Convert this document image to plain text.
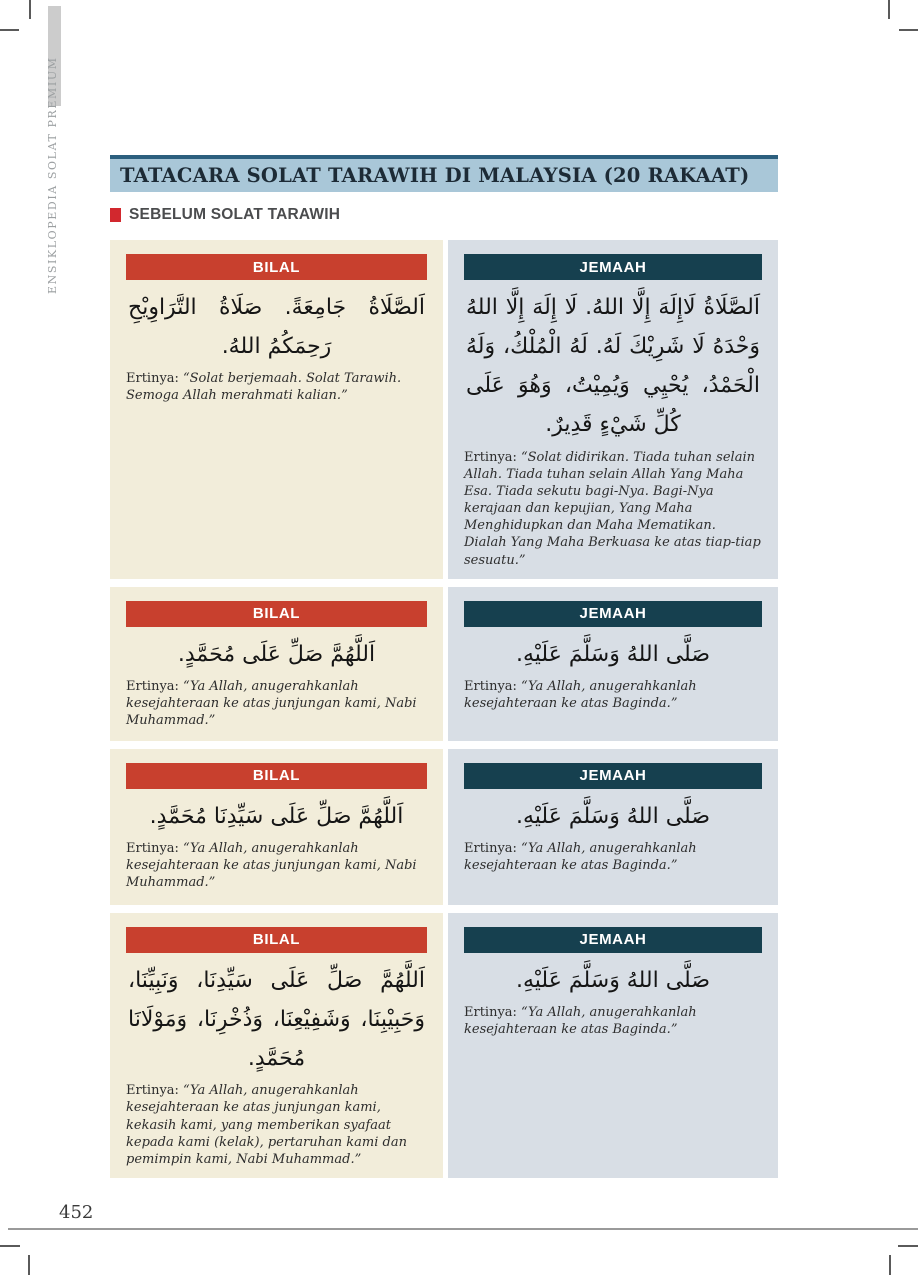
ENSIKLOPEDIA SOLAT PREMIUM	TATACARA SOLAT TARAWIH DI MALAYSIA (20 RAKAAT)
SEBELUM SOLAT TARAWIH
BILAL

اَلصَّلَاةُ جَامِعَةً. صَلَاةُ التَّرَاوِيْحِ رَحِمَكُمُ اللهُ.

Ertinya: “Solat berjemaah. Solat Tarawih. Semoga Allah merahmati kalian.”

JEMAAH

اَلصَّلَاةُ لَاإِلَهَ إِلَّا اللهُ. لَا إِلَهَ إِلَّا اللهُ وَحْدَهُ لَا شَرِيْكَ لَهُ. لَهُ الْمُلْكُ، وَلَهُ الْحَمْدُ، يُحْيِي وَيُمِيْتُ، وَهُوَ عَلَى كُلِّ شَيْءٍ قَدِيرٌ.

Ertinya: “Solat didirikan. Tiada tuhan selain Allah. Tiada tuhan selain Allah Yang Maha Esa. Tiada sekutu bagi-Nya. Bagi-Nya kerajaan dan kepujian, Yang Maha Menghidupkan dan Maha Mematikan. Dialah Yang Maha Berkuasa ke atas tiap-tiap sesuatu.”

BILAL

اَللَّهُمَّ صَلِّ عَلَى مُحَمَّدٍ.

Ertinya: “Ya Allah, anugerahkanlah kesejahteraan ke atas junjungan kami, Nabi Muhammad.”

JEMAAH

صَلَّى اللهُ وَسَلَّمَ عَلَيْهِ.

Ertinya: “Ya Allah, anugerahkanlah kesejahteraan ke atas Baginda.”

BILAL

اَللَّهُمَّ صَلِّ عَلَى سَيِّدِنَا مُحَمَّدٍ.

Ertinya: “Ya Allah, anugerahkanlah kesejahteraan ke atas junjungan kami, Nabi Muhammad.”

JEMAAH

صَلَّى اللهُ وَسَلَّمَ عَلَيْهِ.

Ertinya: “Ya Allah, anugerahkanlah kesejahteraan ke atas Baginda.”

BILAL

اَللَّهُمَّ صَلِّ عَلَى سَيِّدِنَا، وَنَبِيِّنَا، وَحَبِيْبِنَا، وَشَفِيْعِنَا، وَذُخْرِنَا، وَمَوْلَانَا مُحَمَّدٍ.

Ertinya: “Ya Allah, anugerahkanlah kesejahteraan ke atas junjungan kami, kekasih kami, yang memberikan syafaat kepada kami (kelak), pertaruhan kami dan pemimpin kami, Nabi Muhammad.”

JEMAAH

صَلَّى اللهُ وَسَلَّمَ عَلَيْهِ.

Ertinya: “Ya Allah, anugerahkanlah kesejahteraan ke atas Baginda.”

452
